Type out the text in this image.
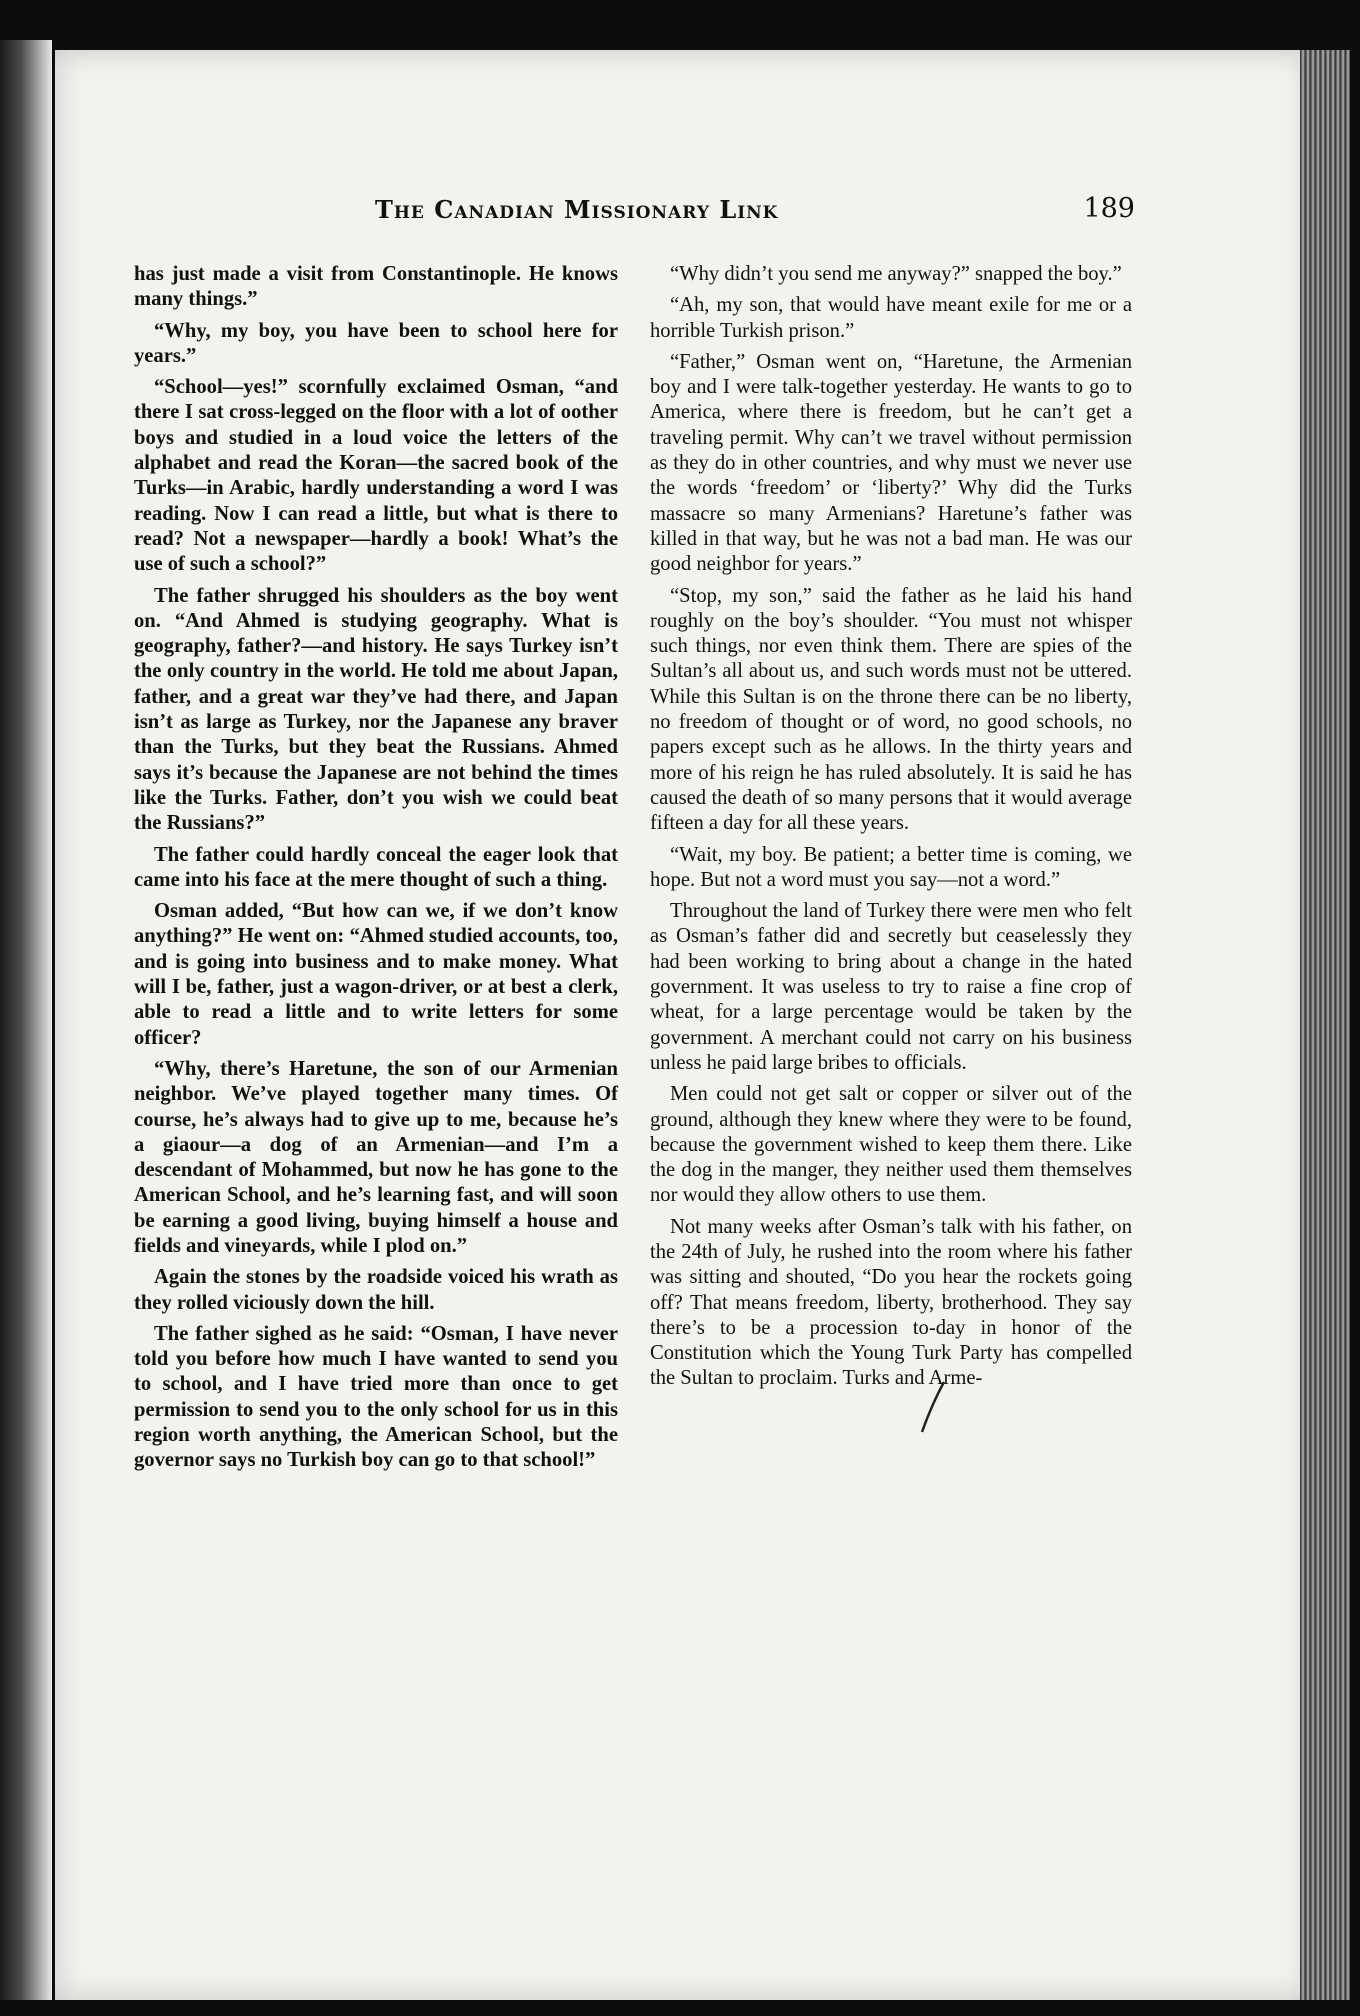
The Canadian Missionary Link	189

has just made a visit from Constantinople. He knows many things.”

“Why, my boy, you have been to school here for years.”

“School—yes!” scornfully exclaimed Osman, “and there I sat cross-legged on the floor with a lot of oother boys and studied in a loud voice the letters of the alphabet and read the Koran—the sacred book of the Turks—in Arabic, hardly understanding a word I was reading. Now I can read a little, but what is there to read? Not a newspaper—hardly a book! What’s the use of such a school?”

The father shrugged his shoulders as the boy went on. “And Ahmed is studying geography. What is geography, father?—and history. He says Turkey isn’t the only country in the world. He told me about Japan, father, and a great war they’ve had there, and Japan isn’t as large as Turkey, nor the Japanese any braver than the Turks, but they beat the Russians. Ahmed says it’s because the Japanese are not behind the times like the Turks. Father, don’t you wish we could beat the Russians?”

The father could hardly conceal the eager look that came into his face at the mere thought of such a thing.

Osman added, “But how can we, if we don’t know anything?” He went on: “Ahmed studied accounts, too, and is going into business and to make money. What will I be, father, just a wagon-driver, or at best a clerk, able to read a little and to write letters for some officer?

“Why, there’s Haretune, the son of our Armenian neighbor. We’ve played together many times. Of course, he’s always had to give up to me, because he’s a giaour—a dog of an Armenian—and I’m a descendant of Mohammed, but now he has gone to the American School, and he’s learning fast, and will soon be earning a good living, buying himself a house and fields and vineyards, while I plod on.”

Again the stones by the roadside voiced his wrath as they rolled viciously down the hill.

The father sighed as he said: “Osman, I have never told you before how much I have wanted to send you to school, and I have tried more than once to get permission to send you to the only school for us in this region worth anything, the American School, but the governor says no Turkish boy can go to that school!”

“Why didn’t you send me anyway?” snapped the boy.”

“Ah, my son, that would have meant exile for me or a horrible Turkish prison.”

“Father,” Osman went on, “Haretune, the Armenian boy and I were talk-together yesterday. He wants to go to America, where there is freedom, but he can’t get a traveling permit. Why can’t we travel without permission as they do in other countries, and why must we never use the words ‘freedom’ or ‘liberty?’ Why did the Turks massacre so many Armenians? Haretune’s father was killed in that way, but he was not a bad man. He was our good neighbor for years.”

“Stop, my son,” said the father as he laid his hand roughly on the boy’s shoulder. “You must not whisper such things, nor even think them. There are spies of the Sultan’s all about us, and such words must not be uttered. While this Sultan is on the throne there can be no liberty, no freedom of thought or of word, no good schools, no papers except such as he allows. In the thirty years and more of his reign he has ruled absolutely. It is said he has caused the death of so many persons that it would average fifteen a day for all these years.

“Wait, my boy. Be patient; a better time is coming, we hope. But not a word must you say—not a word.”

Throughout the land of Turkey there were men who felt as Osman’s father did and secretly but ceaselessly they had been working to bring about a change in the hated government. It was useless to try to raise a fine crop of wheat, for a large percentage would be taken by the government. A merchant could not carry on his business unless he paid large bribes to officials.

Men could not get salt or copper or silver out of the ground, although they knew where they were to be found, because the government wished to keep them there. Like the dog in the manger, they neither used them themselves nor would they allow others to use them.

Not many weeks after Osman’s talk with his father, on the 24th of July, he rushed into the room where his father was sitting and shouted, “Do you hear the rockets going off? That means freedom, liberty, brotherhood. They say there’s to be a procession to-day in honor of the Constitution which the Young Turk Party has compelled the Sultan to proclaim. Turks and Arme-
